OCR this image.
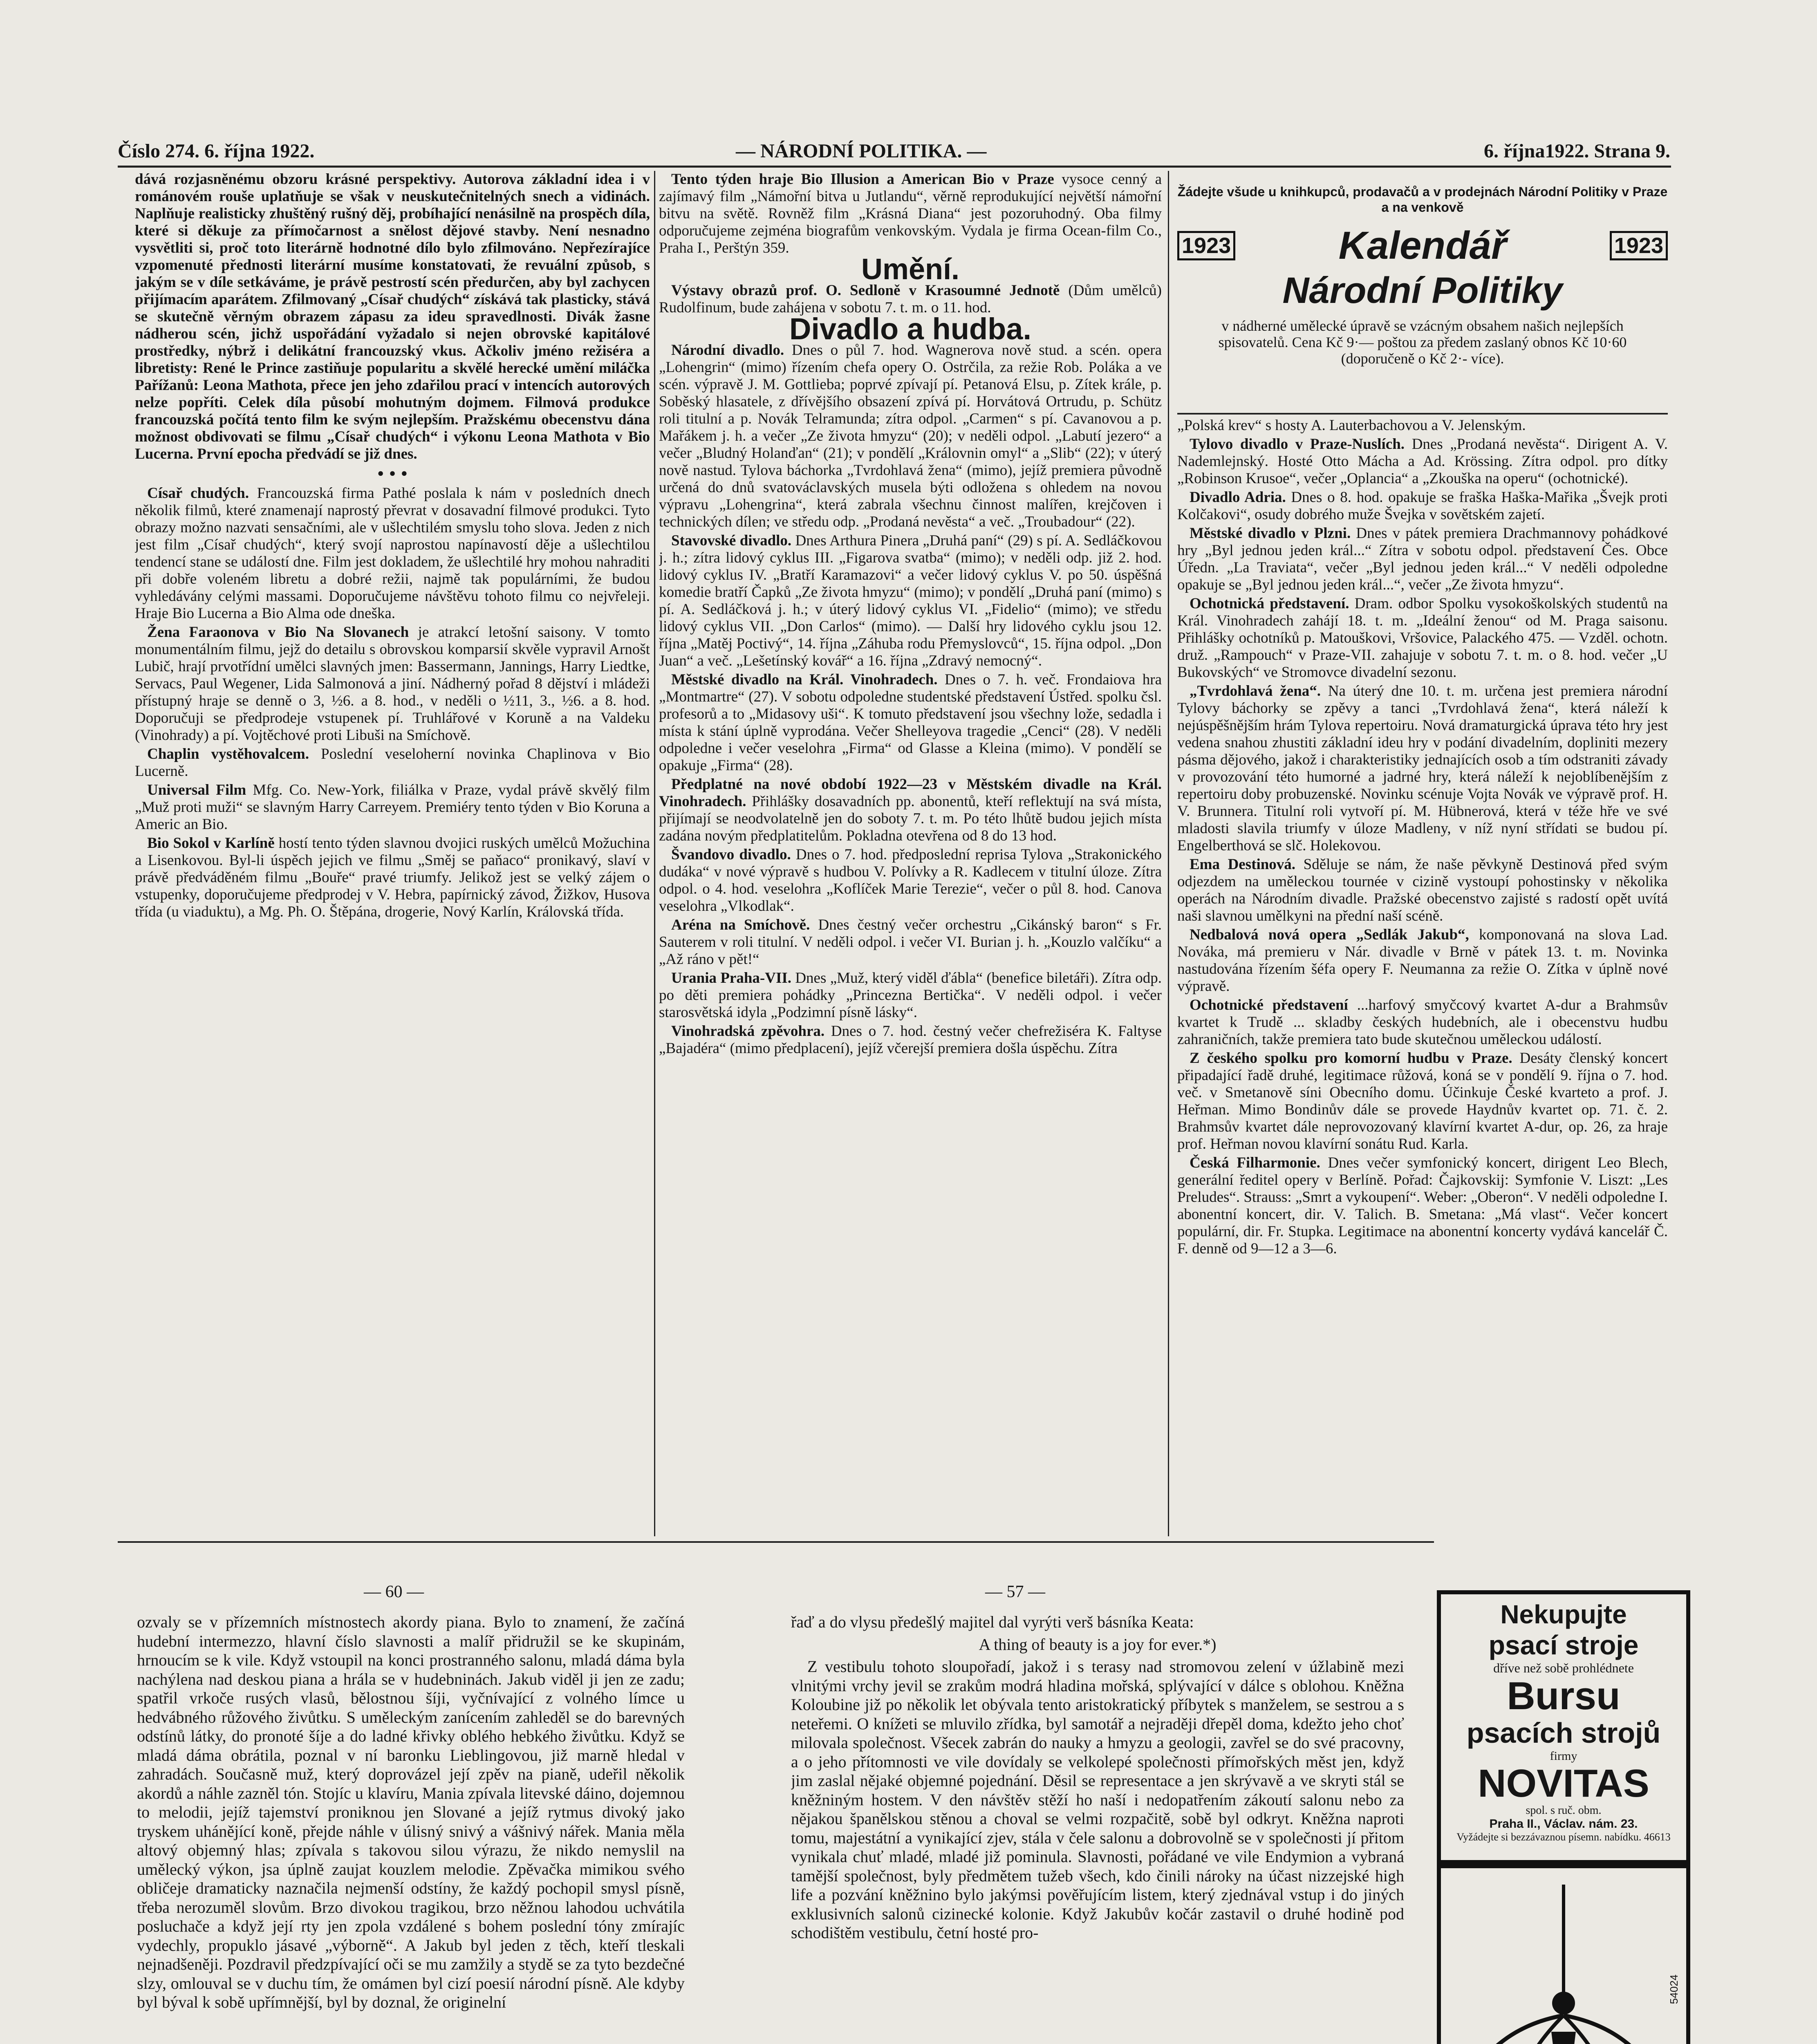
Číslo 274. 6. října 1922.	— NÁRODNÍ POLITIKA. —	6. října1922. Strana 9.

dává rozjasněnému obzoru krásné perspektivy. Autorova základní idea i v románovém rouše uplatňuje se však v neuskutečnitelných snech a vidinách. Naplňuje realisticky zhuštěný rušný děj, probíhající nenásilně na prospěch díla, které si děkuje za přímočarnost a snělost dějové stavby. Není nesnadno vysvětliti si, proč toto literárně hodnotné dílo bylo zfilmováno. Nepřezírajíce vzpomenuté přednosti literární musíme konstatovati, že revuální způsob, s jakým se v díle setkáváme, je právě pestrostí scén předurčen, aby byl zachycen přijímacím aparátem. Zfilmovaný „Císař chudých“ získává tak plasticky, stává se skutečně věrným obrazem zápasu za ideu spravedlnosti. Divák žasne nádherou scén, jichž uspořádání vyžadalo si nejen obrovské kapitálové prostředky, nýbrž i delikátní francouzský vkus. Ačkoliv jméno režiséra a libretisty: René le Prince zastiňuje popularitu a skvělé herecké umění miláčka Pařížanů: Leona Mathota, přece jen jeho zdařilou prací v intencích autorových nelze popříti. Celek díla působí mohutným dojmem. Filmová produkce francouzská počítá tento film ke svým nejlepším. Pražskému obecenstvu dána možnost obdivovati se filmu „Císař chudých“ i výkonu Leona Mathota v Bio Lucerna. První epocha předvádí se již dnes.

• • •

Císař chudých. Francouzská firma Pathé poslala k nám v posledních dnech několik filmů, které znamenají naprostý převrat v dosavadní filmové produkci. Tyto obrazy možno nazvati sensačními, ale v ušlechtilém smyslu toho slova. Jeden z nich jest film „Císař chudých“, který svojí naprostou napínavostí děje a ušlechtilou tendencí stane se událostí dne. Film jest dokladem, že ušlechtilé hry mohou nahraditi při dobře voleném libretu a dobré režii, najmě tak populárními, že budou vyhledávány celými massami. Doporučujeme návštěvu tohoto filmu co nejvřeleji. Hraje Bio Lucerna a Bio Alma ode dneška.

Žena Faraonova v Bio Na Slovanech je atrakcí letošní saisony. V tomto monumentálním filmu, jejž do detailu s obrovskou komparsií skvěle vypravil Arnošt Lubič, hrají prvotřídní umělci slavných jmen: Bassermann, Jannings, Harry Liedtke, Servacs, Paul Wegener, Lida Salmonová a jiní. Nádherný pořad 8 dějství i mládeži přístupný hraje se denně o 3, ½6. a 8. hod., v neděli o ½11, 3., ½6. a 8. hod. Doporučuji se předprodeje vstupenek pí. Truhlářové v Koruně a na Valdeku (Vinohrady) a pí. Vojtěchové proti Libuši na Smíchově.

Chaplin vystěhovalcem. Poslední veseloherní novinka Chaplinova v Bio Lucerně.

Universal Film Mfg. Co. New-York, filiálka v Praze, vydal právě skvělý film „Muž proti muži“ se slavným Harry Carreyem. Premiéry tento týden v Bio Koruna a Americ an Bio.

Bio Sokol v Karlíně hostí tento týden slavnou dvojici ruských umělců Možuchina a Lisenkovou. Byl-li úspěch jejich ve filmu „Směj se paňaco“ pronikavý, slaví v právě předváděném filmu „Bouře“ pravé triumfy. Jelikož jest se velký zájem o vstupenky, doporučujeme předprodej v V. Hebra, papírnický závod, Žižkov, Husova třída (u viaduktu), a Mg. Ph. O. Štěpána, drogerie, Nový Karlín, Královská třída.

Tento týden hraje Bio Illusion a American Bio v Praze vysoce cenný a zajímavý film „Námořní bitva u Jutlandu“, věrně reprodukující největší námořní bitvu na světě. Rovněž film „Krásná Diana“ jest pozoruhodný. Oba filmy odporučujeme zejména biografům venkovským. Vydala je firma Ocean-film Co., Praha I., Perštýn 359.

Umění.

Výstavy obrazů prof. O. Sedloně v Krasoumné Jednotě (Dům umělců) Rudolfinum, bude zahájena v sobotu 7. t. m. o 11. hod.

Divadlo a hudba.

Národní divadlo. Dnes o půl 7. hod. Wagnerova nově stud. a scén. opera „Lohengrin“ (mimo) řízením chefa opery O. Ostrčila, za režie Rob. Poláka a ve scén. výpravě J. M. Gottlieba; poprvé zpívají pí. Petanová Elsu, p. Zítek krále, p. Soběský hlasatele, z dřívějšího obsazení zpívá pí. Horvátová Ortrudu, p. Schütz roli titulní a p. Novák Telramunda; zítra odpol. „Carmen“ s pí. Cavanovou a p. Mařákem j. h. a večer „Ze života hmyzu“ (20); v neděli odpol. „Labutí jezero“ a večer „Bludný Holanďan“ (21); v pondělí „Královnin omyl“ a „Slib“ (22); v úterý nově nastud. Tylova báchorka „Tvrdohlavá žena“ (mimo), jejíž premiera původně určená do dnů svatováclavských musela býti odložena s ohledem na novou výpravu „Lohengrina“, která zabrala všechnu činnost malířen, krejčoven i technických dílen; ve středu odp. „Prodaná nevěsta“ a več. „Troubadour“ (22).

Stavovské divadlo. Dnes Arthura Pinera „Druhá paní“ (29) s pí. A. Sedláčkovou j. h.; zítra lidový cyklus III. „Figarova svatba“ (mimo); v neděli odp. již 2. hod. lidový cyklus IV. „Bratří Karamazovi“ a večer lidový cyklus V. po 50. úspěšná komedie bratří Čapků „Ze života hmyzu“ (mimo); v pondělí „Druhá paní (mimo) s pí. A. Sedláčková j. h.; v úterý lidový cyklus VI. „Fidelio“ (mimo); ve středu lidový cyklus VII. „Don Carlos“ (mimo). — Další hry lidového cyklu jsou 12. října „Matěj Poctivý“, 14. října „Záhuba rodu Přemyslovců“, 15. října odpol. „Don Juan“ a več. „Lešetínský kovář“ a 16. října „Zdravý nemocný“.

Městské divadlo na Král. Vinohradech. Dnes o 7. h. več. Frondaiova hra „Montmartre“ (27). V sobotu odpoledne studentské představení Ústřed. spolku čsl. profesorů a to „Midasovy uši“. K tomuto představení jsou všechny lože, sedadla i místa k stání úplně vyprodána. Večer Shelleyova tragedie „Cenci“ (28). V neděli odpoledne i večer veselohra „Firma“ od Glasse a Kleina (mimo). V pondělí se opakuje „Firma“ (28).

Předplatné na nové období 1922—23 v Městském divadle na Král. Vinohradech. Přihlášky dosavadních pp. abonentů, kteří reflektují na svá místa, přijímají se neodvolatelně jen do soboty 7. t. m. Po této lhůtě budou jejich místa zadána novým předplatitelům. Pokladna otevřena od 8 do 13 hod.

Švandovo divadlo. Dnes o 7. hod. předposlední reprisa Tylova „Strakonického dudáka“ v nové výpravě s hudbou V. Polívky a R. Kadlecem v titulní úloze. Zítra odpol. o 4. hod. veselohra „Koflíček Marie Terezie“, večer o půl 8. hod. Canova veselohra „Vlkodlak“.

Aréna na Smíchově. Dnes čestný večer orchestru „Cikánský baron“ s Fr. Sauterem v roli titulní. V neděli odpol. i večer VI. Burian j. h. „Kouzlo valčíku“ a „Až ráno v pět!“

Urania Praha-VII. Dnes „Muž, který viděl ďábla“ (benefice biletáři). Zítra odp. po děti premiera pohádky „Princezna Bertička“. V neděli odpol. i večer starosvětská idyla „Podzimní písně lásky“.

Vinohradská zpěvohra. Dnes o 7. hod. čestný večer chefrežiséra K. Faltyse „Bajadéra“ (mimo předplacení), jejíž včerejší premiera došla úspěchu. Zítra

Žádejte všude u knihkupců, prodavačů a v prodejnách Národní Politiky v Praze a na venkově
1923	Kalendář	1923
Národní Politiky
v nádherné umělecké úpravě se vzácným obsahem našich nejlepších spisovatelů. Cena Kč 9·— poštou za předem zaslaný obnos Kč 10·60 (doporučeně o Kč 2·- více).

„Polská krev“ s hosty A. Lauterbachovou a V. Jelenským.

Tylovo divadlo v Praze-Nuslích. Dnes „Prodaná nevěsta“. Dirigent A. V. Nademlejnský. Hosté Otto Mácha a Ad. Krössing. Zítra odpol. pro dítky „Robinson Krusoe“, večer „Oplancia“ a „Zkouška na operu“ (ochotnické).

Divadlo Adria. Dnes o 8. hod. opakuje se fraška Haška-Mařika „Švejk proti Kolčakovi“, osudy dobrého muže Švejka v sovětském zajetí.

Městské divadlo v Plzni. Dnes v pátek premiera Drachmannovy pohádkové hry „Byl jednou jeden král...“ Zítra v sobotu odpol. představení Čes. Obce Úředn. „La Traviata“, večer „Byl jednou jeden král...“ V neděli odpoledne opakuje se „Byl jednou jeden král...“, večer „Ze života hmyzu“.

Ochotnická představení. Dram. odbor Spolku vysokoškolských studentů na Král. Vinohradech zahájí 18. t. m. „Ideální ženou“ od M. Praga saisonu. Přihlášky ochotníků p. Matouškovi, Vršovice, Palackého 475. — Vzděl. ochotn. druž. „Rampouch“ v Praze-VII. zahajuje v sobotu 7. t. m. o 8. hod. večer „U Bukovských“ ve Stromovce divadelní sezonu.

„Tvrdohlavá žena“. Na úterý dne 10. t. m. určena jest premiera národní Tylovy báchorky se zpěvy a tanci „Tvrdohlavá žena“, která náleží k nejúspěšnějším hrám Tylova repertoiru. Nová dramaturgická úprava této hry jest vedena snahou zhustiti základní ideu hry v podání divadelním, dopliniti mezery pásma dějového, jakož i charakteristiky jednajících osob a tím odstraniti závady v provozování této humorné a jadrné hry, která náleží k nejoblíbenějším z repertoiru doby probuzenské. Novinku scénuje Vojta Novák ve výpravě prof. H. V. Brunnera. Titulní roli vytvoří pí. M. Hübnerová, která v téže hře ve své mladosti slavila triumfy v úloze Madleny, v níž nyní střídati se budou pí. Engelberthová se slč. Holekovou.

Ema Destinová. Sděluje se nám, že naše pěvkyně Destinová před svým odjezdem na uměleckou tournée v cizině vystoupí pohostinsky v několika operách na Národním divadle. Pražské obecenstvo zajisté s radostí opět uvítá naši slavnou umělkyni na přední naší scéně.

Nedbalová nová opera „Sedlák Jakub“, komponovaná na slova Lad. Nováka, má premieru v Nár. divadle v Brně v pátek 13. t. m. Novinka nastudována řízením šéfa opery F. Neumanna za režie O. Zítka v úplně nové výpravě.

Ochotnické představení ...harfový smyčcový kvartet A-dur a Brahmsův kvartet k Trudě ... skladby českých hudebních, ale i obecenstvu hudbu zahraničních, takže premiera tato bude skutečnou uměleckou událostí.

Z českého spolku pro komorní hudbu v Praze. Desáty členský koncert připadající řadě druhé, legitimace růžová, koná se v pondělí 9. října o 7. hod. več. v Smetanově síni Obecního domu. Účinkuje České kvarteto a prof. J. Heřman. Mimo Bondinův dále se provede Haydnův kvartet op. 71. č. 2. Brahmsův kvartet dále neprovozovaný klavírní kvartet A-dur, op. 26, za hraje prof. Heřman novou klavírní sonátu Rud. Karla.

Česká Filharmonie. Dnes večer symfonický koncert, dirigent Leo Blech, generální ředitel opery v Berlíně. Pořad: Čajkovskij: Symfonie V. Liszt: „Les Preludes“. Strauss: „Smrt a vykoupení“. Weber: „Oberon“. V neděli odpoledne I. abonentní koncert, dir. V. Talich. B. Smetana: „Má vlast“. Večer koncert populární, dir. Fr. Stupka. Legitimace na abonentní koncerty vydává kancelář Č. F. denně od 9—12 a 3—6.

— 60 —	— 57 —

ozvaly se v přízemních místnostech akordy piana. Bylo to znamení, že začíná hudební intermezzo, hlavní číslo slavnosti a malíř přidružil se ke skupinám, hrnoucím se k vile. Když vstoupil na konci prostranného salonu, mladá dáma byla nachýlena nad deskou piana a hrála se v hudebninách. Jakub viděl ji jen ze zadu; spatřil vrkoče rusých vlasů, bělostnou šíji, vyčnívající z volného límce u hedvábného růžového živůtku. S uměleckým zanícením zahleděl se do barevných odstínů látky, do pronoté šíje a do ladné křivky oblého hebkého živůtku. Když se mladá dáma obrátila, poznal v ní baronku Lieblingovou, již marně hledal v zahradách. Současně muž, který doprovázel její zpěv na pianě, udeřil několik akordů a náhle zazněl tón. Stojíc u klavíru, Mania zpívala litevské dáino, dojemnou to melodii, jejíž tajemství proniknou jen Slované a jejíž rytmus divoký jako tryskem uhánějící koně, přejde náhle v úlisný snivý a vášnivý nářek. Mania měla altový objemný hlas; zpívala s takovou silou výrazu, že nikdo nemyslil na umělecký výkon, jsa úplně zaujat kouzlem melodie. Zpěvačka mimikou svého obličeje dramaticky naznačila nejmenší odstíny, že každý pochopil smysl písně, třeba nerozuměl slovům. Brzo divokou tragikou, brzo něžnou lahodou uchvátila posluchače a když její rty jen zpola vzdálené s bohem poslední tóny zmírajíc vydechly, propuklo jásavé „výborně“. A Jakub byl jeden z těch, kteří tleskali nejnadšeněji. Pozdravil předzpívající oči se mu zamžily a stydě se za tyto bezdečné slzy, omlouval se v duchu tím, že omámen byl cizí poesií národní písně. Ale kdyby byl býval k sobě upřímnější, byl by doznal, že originelní

řaď a do vlysu předešlý majitel dal vyrýti verš básníka Keata:

A thing of beauty is a joy for ever.*)

Z vestibulu tohoto sloupořadí, jakož i s terasy nad stromovou zelení v úžlabině mezi vlnitými vrchy jevil se zrakům modrá hladina mořská, splývající v dálce s oblohou. Kněžna Koloubine již po několik let obývala tento aristokratický příbytek s manželem, se sestrou a s neteřemi. O knížeti se mluvilo zřídka, byl samotář a nejraději dřepěl doma, kdežto jeho choť milovala společnost. Všecek zabrán do nauky a hmyzu a geologii, zavřel se do své pracovny, a o jeho přítomnosti ve vile dovídaly se velkolepé společnosti přímořských měst jen, když jim zaslal nějaké objemné pojednání. Děsil se representace a jen skrývavě a ve skryti stál se kněžniným hostem. V den návštěv stěží ho naší i nedopatřením zákoutí salonu nebo za nějakou španělskou stěnou a choval se velmi rozpačitě, sobě byl odkryt. Kněžna naproti tomu, majestátní a vynikající zjev, stála v čele salonu a dobrovolně se v společnosti jí přitom vynikala chuť mladé, mladé již pominula. Slavnosti, pořádané ve vile Endymion a vybraná tamější společnost, byly předmětem tužeb všech, kdo činili nároky na účast nizzejské high life a pozvání kněžnino bylo jakýmsi pověřujícím listem, který zjednával vstup i do jiných exklusivních salonů cizinecké kolonie. Když Jakubův kočár zastavil o druhé hodině pod schodištěm vestibulu, četní hosté pro-

Nekupujte
psací stroje
dříve než sobě prohlédnete
Bursu
psacích strojů
firmy
NOVITAS
spol. s ruč. obm.
Praha II., Václav. nám. 23.
Vyžádejte si bezzávaznou písemn. nabídku. 46613
54024
